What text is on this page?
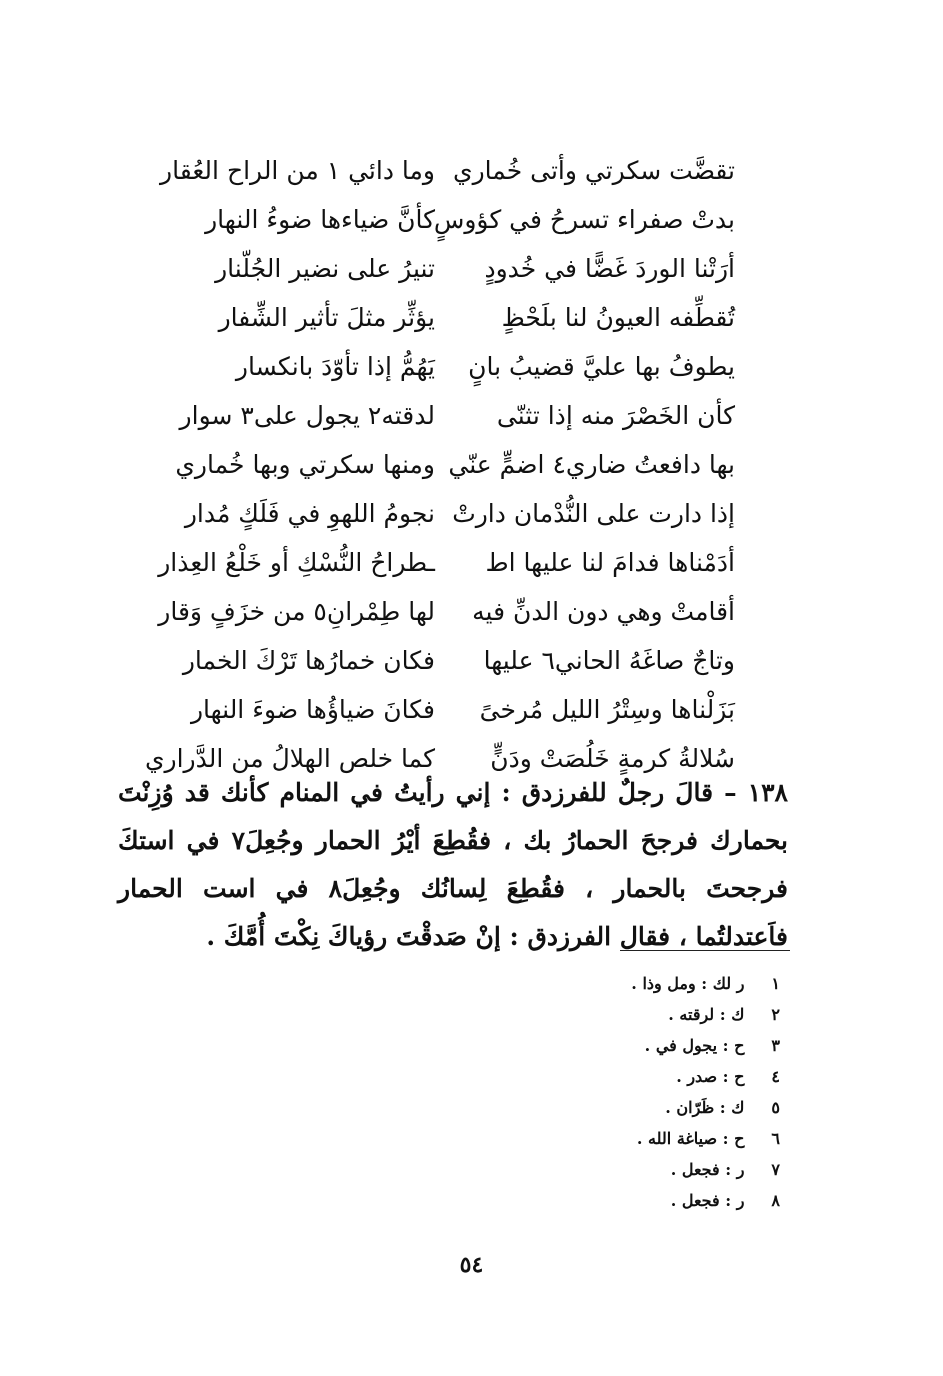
تقضَّت سكرتي وأتى خُماري
وما دائي ١ من الراح العُقار
بدتْ صفراء تسرحُ في كؤوسٍ
كأنَّ ضياءها ضوءُ النهار
أرَتْنا الوردَ غَضًّا في خُدودٍ
تنيرُ على نضير الجُلّنار
تُقطِّفه العيونُ لنا بلَحْظٍ
يؤثِّر مثلَ تأثير الشِّفار
يطوفُ بها عليَّ قضيبُ بانٍ
يَهُمُّ إذا تأوّدَ بانكسار
كأن الخَصْرَ منه إذا تثنّى
لدقته٢ يجول على٣ سوار
بها دافعتُ ضاري٤ اضمٍّ عنّي
ومنها سكرتي وبها خُماري
إذا دارت على النُّدْمان دارتْ
نجومُ اللهوِ في فَلَكٍ مُدار
أدَمْناها فدامَ لنا عليها اط
ـطراحُ النُّسْكِ أو خَلْعُ العِذار
أقامتْ وهي دون الدنِّ فيه
لها طِمْرانِ٥ من خزَفٍ وَقار
وتاجٌ صاغَهُ الحاني٦ عليها
فكان خمارُها تَرْكَ الخمار
بَزَلْناها وسِتْرُ الليل مُرخىً
فكانَ ضياؤُها ضوءَ النهار
سُلالةُ كرمةٍ خَلُصَتْ ودَنٍّ
كما خلص الهلالُ من الدَّراري

١٣٨ – قالَ رجلٌ للفرزدق : إني رأيتُ في المنام كأنك قد وُزِنْتَ بحمارك فرجحَ الحمارُ بك ، فقُطِعَ أيْرُ الحمار وجُعِلَ٧ في استكَ فرجحتَ بالحمار ، فقُطِعَ لِسانُك وجُعِلَ٨ في است الحمار فاَعتدلتُما ، فقال الفرزدق : إنْ صَدقْتَ رؤياكَ نِكْتَ أُمَّكَ .

١ ر لك : ومل وذا .
٢ ك : لرقته .
٣ ح : يجول في .
٤ ح : صدر .
٥ ك : ظَرّان .
٦ ح : صياغة الله .
٧ ر : فجعل .
٨ ر : فجعل .
٥٤
